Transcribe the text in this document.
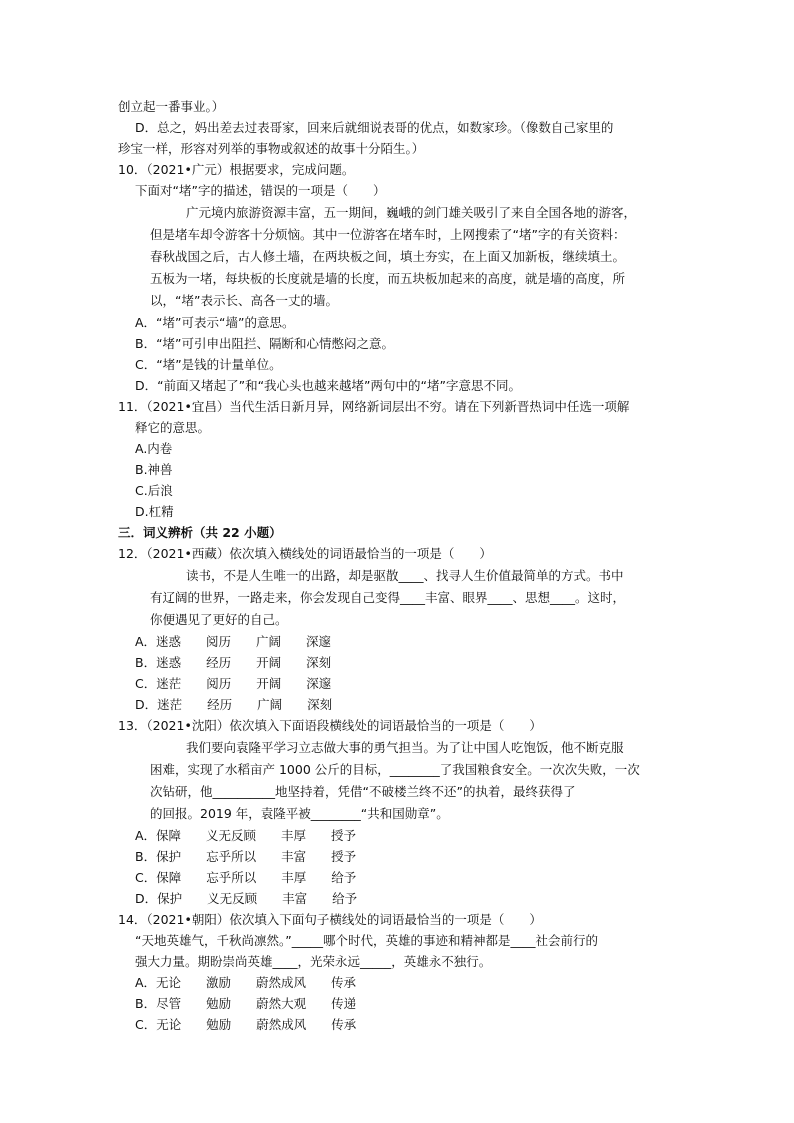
创立起一番事业。）
D．总之，妈出差去过表哥家，回来后就细说表哥的优点，如数家珍。（像数自己家里的
珍宝一样，形容对列举的事物或叙述的故事十分陌生。）
10．（2021•广元）根据要求，完成问题。
下面对“堵”字的描述，错误的一项是（　　）
广元境内旅游资源丰富，五一期间，巍峨的剑门雄关吸引了来自全国各地的游客，
但是堵车却令游客十分烦恼。其中一位游客在堵车时，上网搜索了“堵”字的有关资料：
春秋战国之后，古人修土墙，在两块板之间，填土夯实，在上面又加新板，继续填土。
五板为一堵，每块板的长度就是墙的长度，而五块板加起来的高度，就是墙的高度，所
以，“堵”表示长、高各一丈的墙。
A．“堵”可表示“墙”的意思。
B．“堵”可引申出阻拦、隔断和心情憋闷之意。
C．“堵”是钱的计量单位。
D．“前面又堵起了”和“我心头也越来越堵”两句中的“堵”字意思不同。
11．（2021•宜昌）当代生活日新月异，网络新词层出不穷。请在下列新晋热词中任选一项解
释它的意思。
A.内卷
B.神兽
C.后浪
D.杠精
三．词义辨析（共 22 小题）
12．（2021•西藏）依次填入横线处的词语最恰当的一项是（　　）
读书，不是人生唯一的出路，却是驱散____、找寻人生价值最简单的方式。书中
有辽阔的世界，一路走来，你会发现自己变得____丰富、眼界____、思想____。这时，
你便遇见了更好的自己。
A．迷惑　　阅历　　广阔　　深邃
B．迷惑　　经历　　开阔　　深刻
C．迷茫　　阅历　　开阔　　深邃
D．迷茫　　经历　　广阔　　深刻
13．（2021•沈阳）依次填入下面语段横线处的词语最恰当的一项是（　　）
我们要向袁隆平学习立志做大事的勇气担当。为了让中国人吃饱饭，他不断克服
困难，实现了水稻亩产 1000 公斤的目标，________了我国粮食安全。一次次失败，一次
次钻研，他__________地坚持着，凭借“不破楼兰终不还”的执着，最终获得了
的回报。2019 年，袁隆平被________“共和国勋章”。
A．保障　　义无反顾　　丰厚　　授予
B．保护　　忘乎所以　　丰富　　授予
C．保障　　忘乎所以　　丰厚　　给予
D．保护　　义无反顾　　丰富　　给予
14．（2021•朝阳）依次填入下面句子横线处的词语最恰当的一项是（　　）
“天地英雄气，千秋尚凛然。”_____哪个时代，英雄的事迹和精神都是____社会前行的
强大力量。期盼崇尚英雄____，光荣永远_____，英雄永不独行。
A．无论　　激励　　蔚然成风　　传承
B．尽管　　勉励　　蔚然大观　　传递
C．无论　　勉励　　蔚然成风　　传承
